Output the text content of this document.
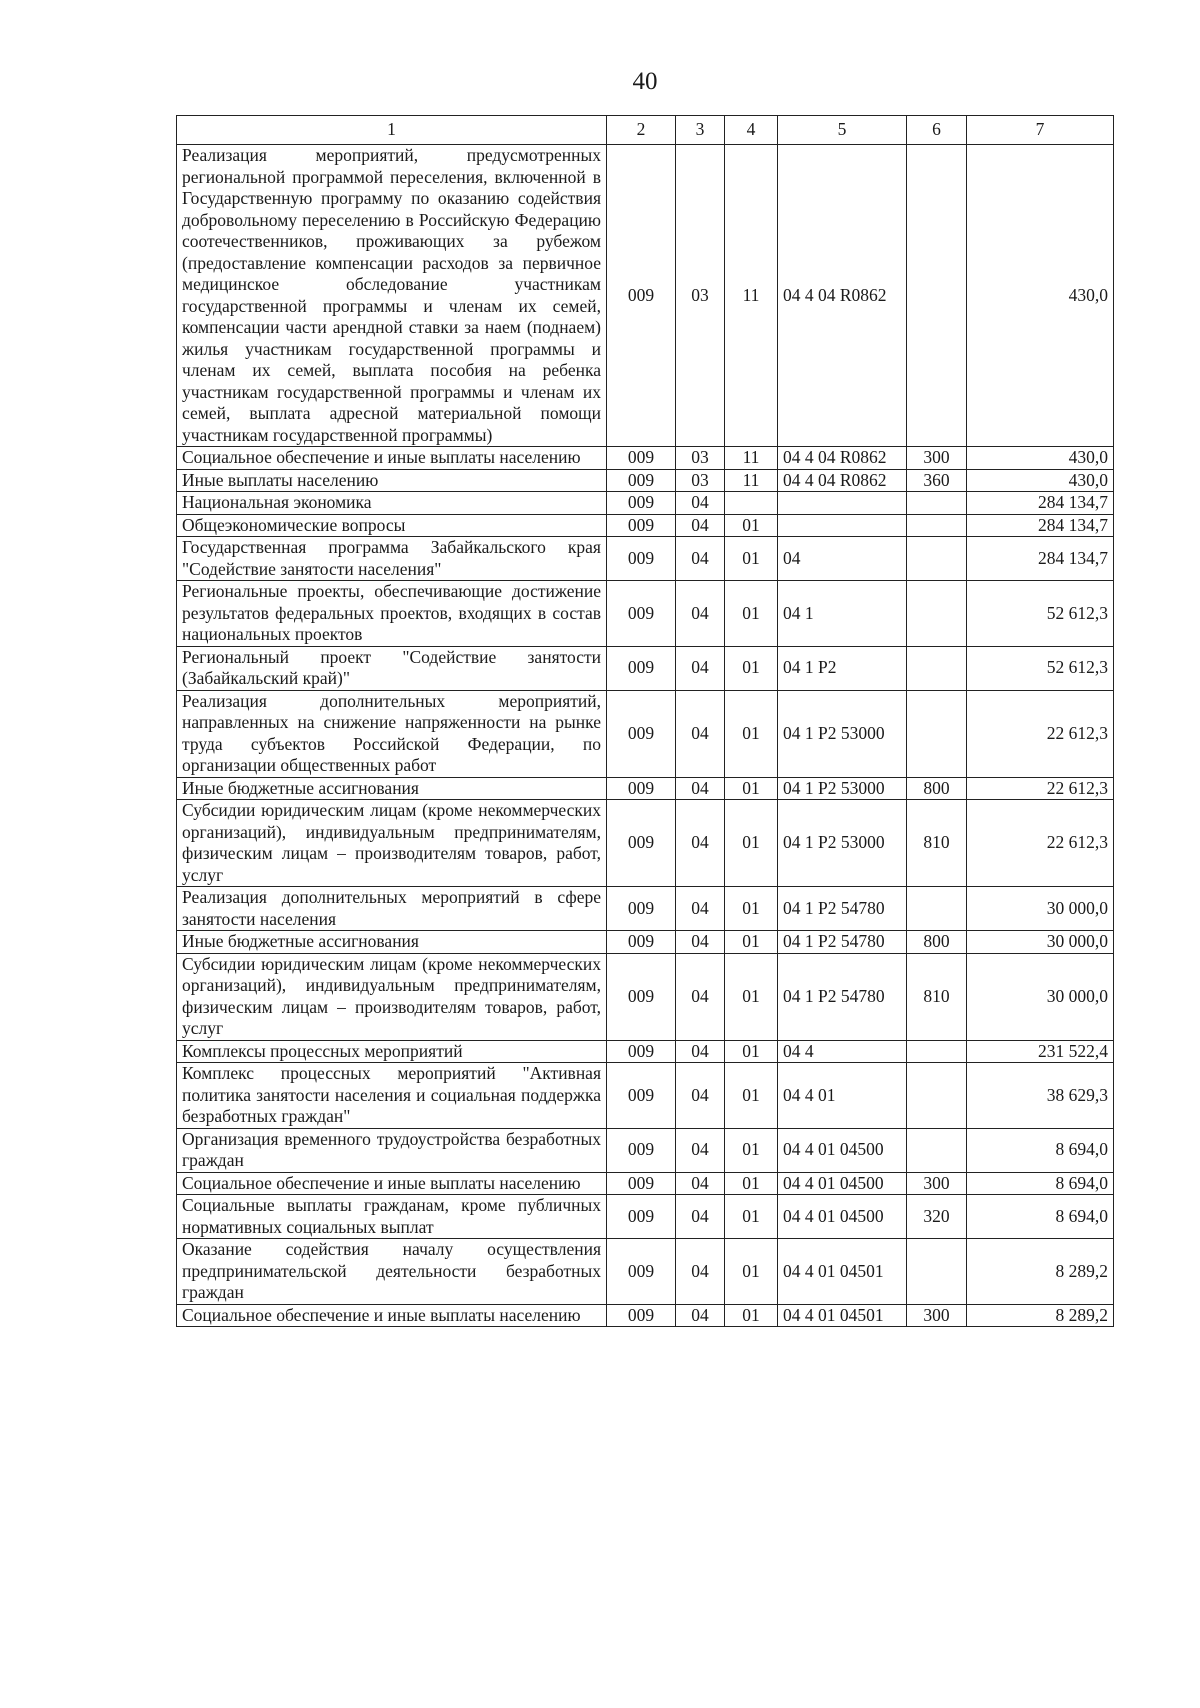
40
1	2	3	4	5	6	7
Реализация мероприятий, предусмотренных региональной программой переселения, включенной в Государственную программу по оказанию содействия добровольному переселению в Российскую Федерацию соотечественников, проживающих за рубежом (предоставление компенсации расходов за первичное медицинское обследование участникам государственной программы и членам их семей, компенсации части арендной ставки за наем (поднаем) жилья участникам государственной программы и членам их семей, выплата пособия на ребенка участникам государственной программы и членам их семей, выплата адресной материальной помощи участникам государственной программы)	009	03	11	04 4 04 R0862		430,0
Социальное обеспечение и иные выплаты населению	009	03	11	04 4 04 R0862	300	430,0
Иные выплаты населению	009	03	11	04 4 04 R0862	360	430,0
Национальная экономика	009	04				284 134,7
Общеэкономические вопросы	009	04	01			284 134,7
Государственная программа Забайкальского края "Содействие занятости населения"	009	04	01	04		284 134,7
Региональные проекты, обеспечивающие достижение результатов федеральных проектов, входящих в состав национальных проектов	009	04	01	04 1		52 612,3
Региональный проект "Содействие занятости (Забайкальский край)"	009	04	01	04 1 P2		52 612,3
Реализация дополнительных мероприятий, направленных на снижение напряженности на рынке труда субъектов Российской Федерации, по организации общественных работ	009	04	01	04 1 P2 53000		22 612,3
Иные бюджетные ассигнования	009	04	01	04 1 P2 53000	800	22 612,3
Субсидии юридическим лицам (кроме некоммерческих организаций), индивидуальным предпринимателям, физическим лицам – производителям товаров, работ, услуг	009	04	01	04 1 P2 53000	810	22 612,3
Реализация дополнительных мероприятий в сфере занятости населения	009	04	01	04 1 P2 54780		30 000,0
Иные бюджетные ассигнования	009	04	01	04 1 P2 54780	800	30 000,0
Субсидии юридическим лицам (кроме некоммерческих организаций), индивидуальным предпринимателям, физическим лицам – производителям товаров, работ, услуг	009	04	01	04 1 P2 54780	810	30 000,0
Комплексы процессных мероприятий	009	04	01	04 4		231 522,4
Комплекс процессных мероприятий "Активная политика занятости населения и социальная поддержка безработных граждан"	009	04	01	04 4 01		38 629,3
Организация временного трудоустройства безработных граждан	009	04	01	04 4 01 04500		8 694,0
Социальное обеспечение и иные выплаты населению	009	04	01	04 4 01 04500	300	8 694,0
Социальные выплаты гражданам, кроме публичных нормативных социальных выплат	009	04	01	04 4 01 04500	320	8 694,0
Оказание содействия началу осуществления предпринимательской деятельности безработных граждан	009	04	01	04 4 01 04501		8 289,2
Социальное обеспечение и иные выплаты населению	009	04	01	04 4 01 04501	300	8 289,2
